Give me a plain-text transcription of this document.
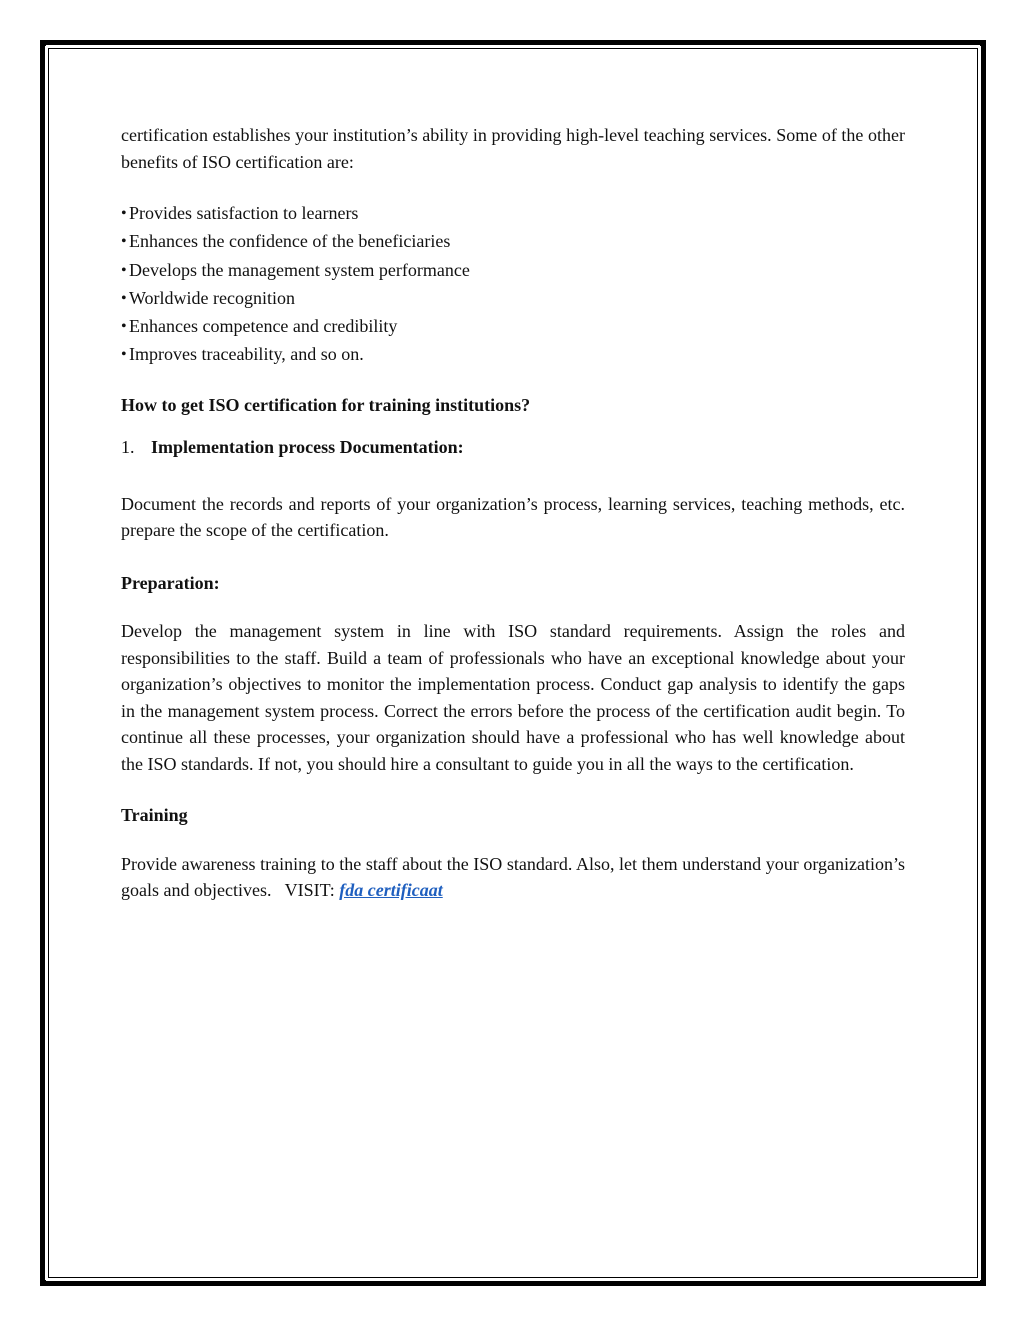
certification establishes your institution’s ability in providing high-level teaching services. Some of the other benefits of ISO certification are:

• Provides satisfaction to learners
• Enhances the confidence of the beneficiaries
• Develops the management system performance
• Worldwide recognition
• Enhances competence and credibility
• Improves traceability, and so on.

How to get ISO certification for training institutions?

1. Implementation process Documentation:

Document the records and reports of your organization’s process, learning services, teaching methods, etc. prepare the scope of the certification.

Preparation:

Develop the management system in line with ISO standard requirements. Assign the roles and responsibilities to the staff. Build a team of professionals who have an exceptional knowledge about your organization’s objectives to monitor the implementation process. Conduct gap analysis to identify the gaps in the management system process. Correct the errors before the process of the certification audit begin. To continue all these processes, your organization should have a professional who has well knowledge about the ISO standards. If not, you should hire a consultant to guide you in all the ways to the certification.

Training

Provide awareness training to the staff about the ISO standard. Also, let them understand your organization’s goals and objectives. VISIT: fda certificaat
